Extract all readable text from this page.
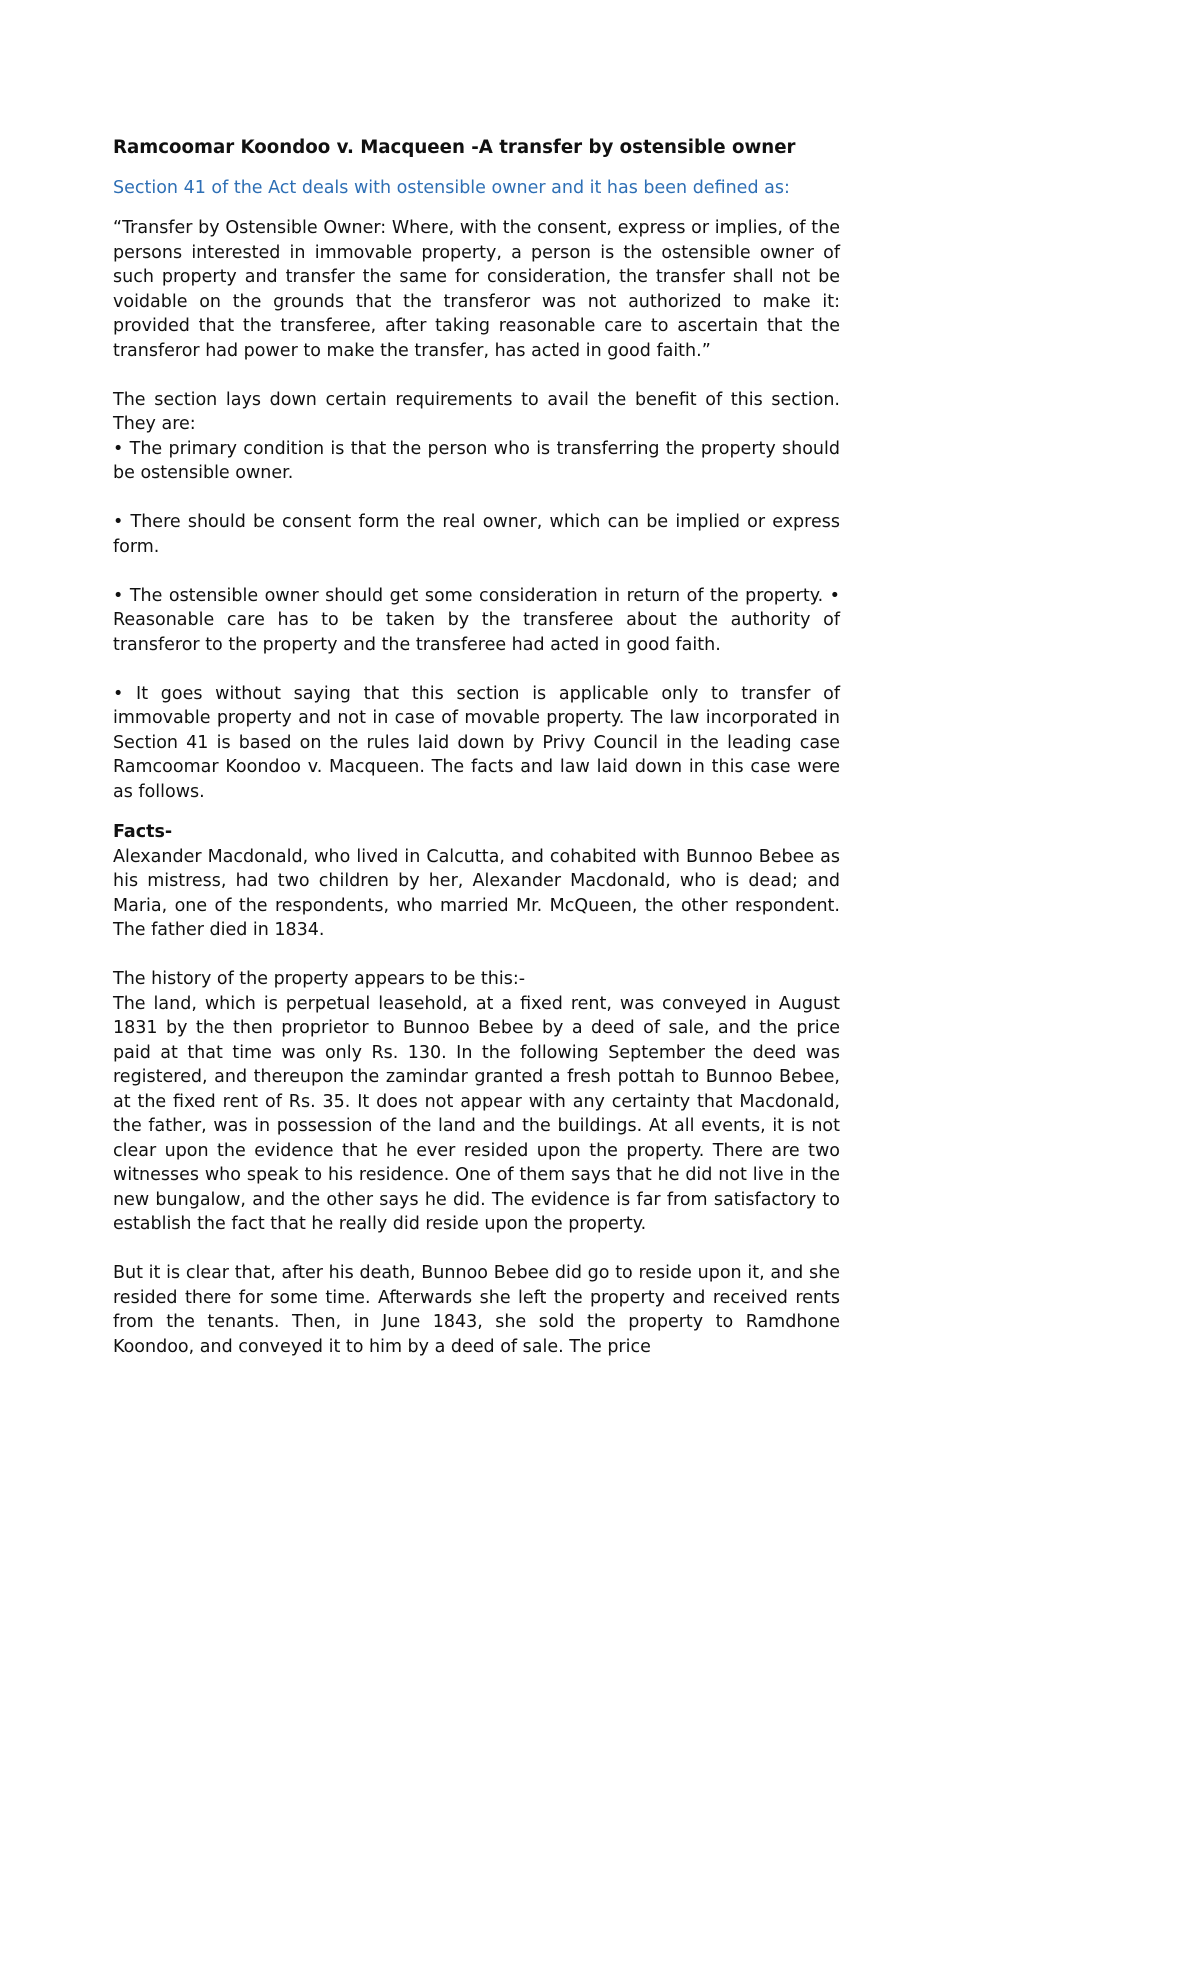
Ramcoomar Koondoo v. Macqueen -A transfer by ostensible owner
Section 41 of the Act deals with ostensible owner and it has been defined as:

“Transfer by Ostensible Owner: Where, with the consent, express or implies, of the persons interested in immovable property, a person is the ostensible owner of such property and transfer the same for consideration, the transfer shall not be voidable on the grounds that the transferor was not authorized to make it: provided that the transferee, after taking reasonable care to ascertain that the transferor had power to make the transfer, has acted in good faith.”

The section lays down certain requirements to avail the benefit of this section. They are:

• The primary condition is that the person who is transferring the property should be ostensible owner.

• There should be consent form the real owner, which can be implied or express form.

• The ostensible owner should get some consideration in return of the property. • Reasonable care has to be taken by the transferee about the authority of transferor to the property and the transferee had acted in good faith.

• It goes without saying that this section is applicable only to transfer of immovable property and not in case of movable property. The law incorporated in Section 41 is based on the rules laid down by Privy Council in the leading case Ramcoomar Koondoo v. Macqueen. The facts and law laid down in this case were as follows.

Facts-

Alexander Macdonald, who lived in Calcutta, and cohabited with Bunnoo Bebee as his mistress, had two children by her, Alexander Macdonald, who is dead; and Maria, one of the respondents, who married Mr. McQueen, the other respondent. The father died in 1834.

The history of the property appears to be this:-

The land, which is perpetual leasehold, at a fixed rent, was conveyed in August 1831 by the then proprietor to Bunnoo Bebee by a deed of sale, and the price paid at that time was only Rs. 130. In the following September the deed was registered, and thereupon the zamindar granted a fresh pottah to Bunnoo Bebee, at the fixed rent of Rs. 35. It does not appear with any certainty that Macdonald, the father, was in possession of the land and the buildings. At all events, it is not clear upon the evidence that he ever resided upon the property. There are two witnesses who speak to his residence. One of them says that he did not live in the new bungalow, and the other says he did. The evidence is far from satisfactory to establish the fact that he really did reside upon the property.

But it is clear that, after his death, Bunnoo Bebee did go to reside upon it, and she resided there for some time. Afterwards she left the property and received rents from the tenants. Then, in June 1843, she sold the property to Ramdhone Koondoo, and conveyed it to him by a deed of sale. The price
